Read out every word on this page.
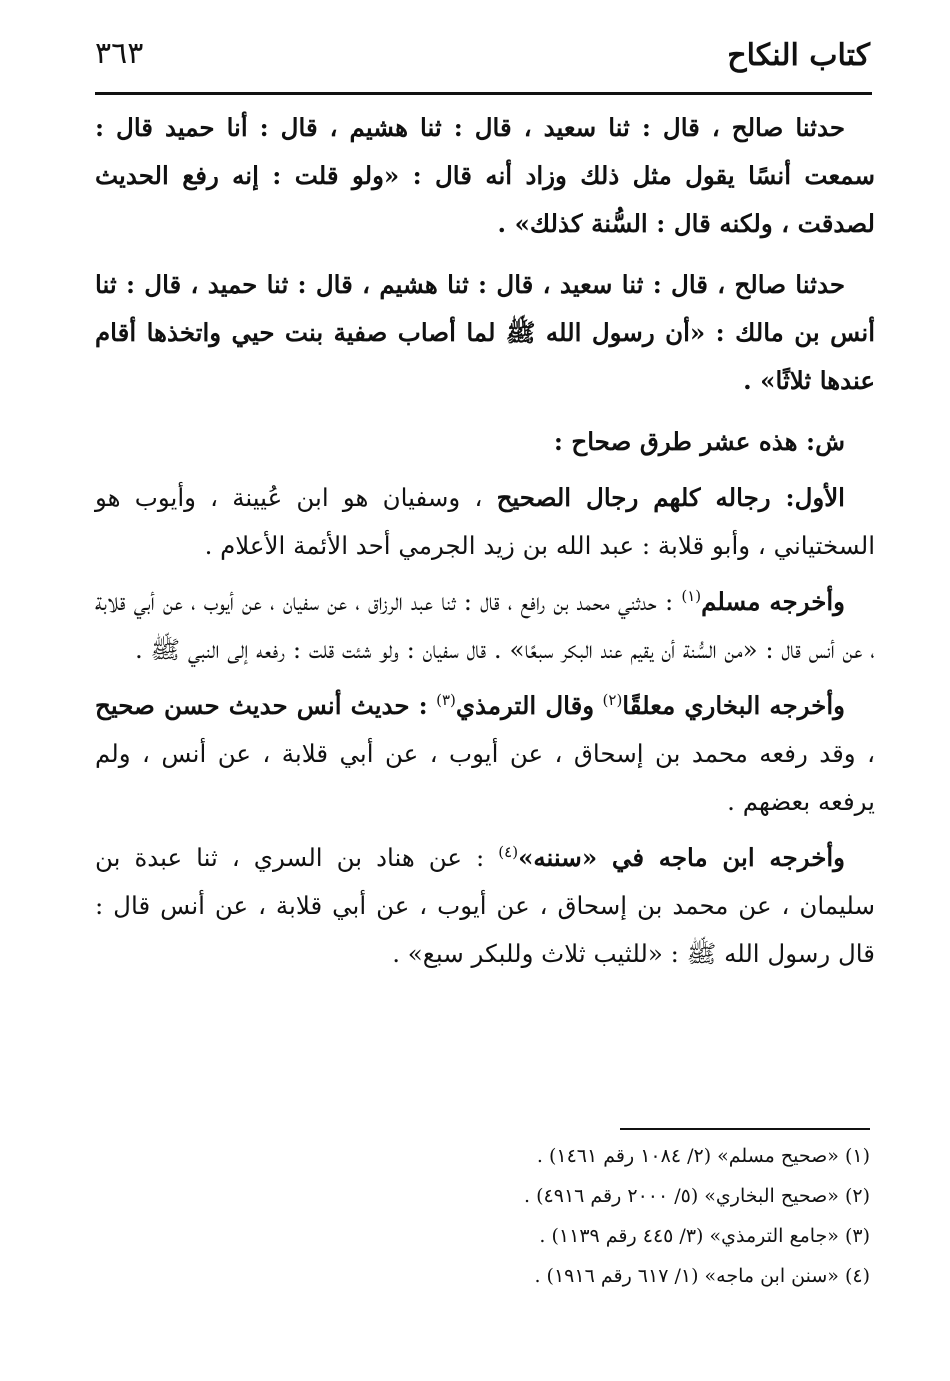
كتاب النكاح
٣٦٣

حدثنا صالح ، قال : ثنا سعيد ، قال : ثنا هشيم ، قال : أنا حميد قال : سمعت أنسًا يقول مثل ذلك وزاد أنه قال : «ولو قلت : إنه رفع الحديث لصدقت ، ولكنه قال : السُّنة كذلك» .

حدثنا صالح ، قال : ثنا سعيد ، قال : ثنا هشيم ، قال : ثنا حميد ، قال : ثنا أنس بن مالك : «أن رسول الله ﷺ لما أصاب صفية بنت حيي واتخذها أقام عندها ثلاثًا» .

ش: هذه عشر طرق صحاح :

الأول: رجاله كلهم رجال الصحيح ، وسفيان هو ابن عُيينة ، وأيوب هو السختياني ، وأبو قلابة : عبد الله بن زيد الجرمي أحد الأئمة الأعلام .

وأخرجه مسلم$^{(١)}$ : حدثني محمد بن رافع ، قال : ثنا عبد الرزاق ، عن سفيان ، عن أيوب ، عن أبي قلابة ، عن أنس قال : «من السُّنة أن يقيم عند البكر سبعًا» . قال سفيان : ولو شئت قلت : رفعه إلى النبي ﷺ .

وأخرجه البخاري معلقًا$^{(٢)}$ وقال الترمذي$^{(٣)}$ : حديث أنس حديث حسن صحيح ، وقد رفعه محمد بن إسحاق ، عن أيوب ، عن أبي قلابة ، عن أنس ، ولم يرفعه بعضهم .

وأخرجه ابن ماجه في «سننه»$^{(٤)}$ : عن هناد بن السري ، ثنا عبدة بن سليمان ، عن محمد بن إسحاق ، عن أيوب ، عن أبي قلابة ، عن أنس قال : قال رسول الله ﷺ : «للثيب ثلاث وللبكر سبع» .

(١) «صحيح مسلم» (٢/ ١٠٨٤ رقم ١٤٦١) .
(٢) «صحيح البخاري» (٥/ ٢٠٠٠ رقم ٤٩١٦) .
(٣) «جامع الترمذي» (٣/ ٤٤٥ رقم ١١٣٩) .
(٤) «سنن ابن ماجه» (١/ ٦١٧ رقم ١٩١٦) .
